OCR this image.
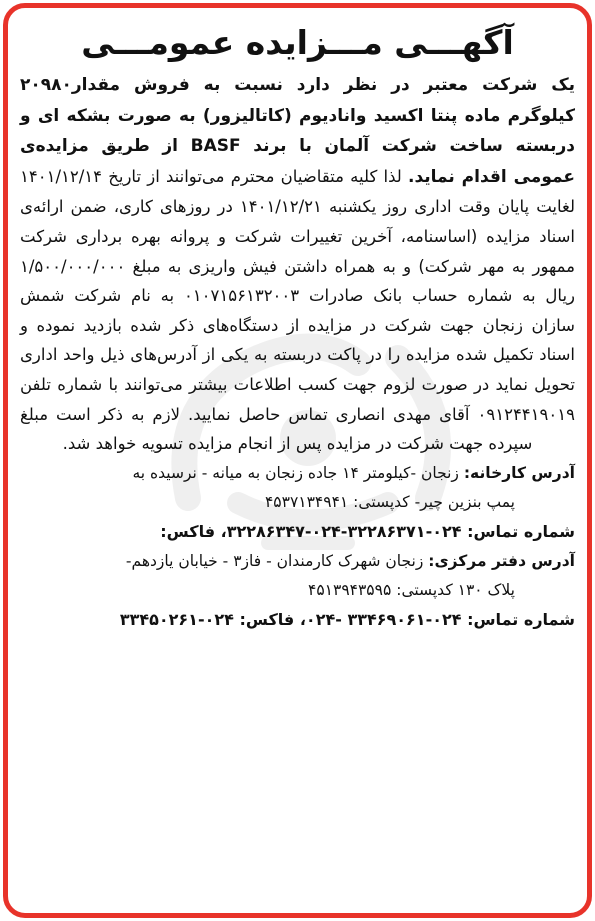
آگهـــی مـــزایده عمومـــی

یک شرکت معتبر در نظر دارد نسبت به فروش مقدار۲۰۹۸۰ کیلوگرم ماده پنتا اکسید وانادیوم (کاتالیزور) به صورت بشکه ای و دربسته ساخت شرکت آلمان با برند BASF از طریق مزایده‌ی عمومی اقدام نماید. لذا کلیه متقاضیان محترم می‌توانند از تاریخ ۱۴۰۱/۱۲/۱۴ لغایت پایان وقت اداری روز یکشنبه ۱۴۰۱/۱۲/۲۱ در روزهای کاری، ضمن ارائه‌ی اسناد مزایده (اساسنامه، آخرین تغییرات شرکت و پروانه بهره برداری شرکت ممهور به مهر شرکت) و به همراه داشتن فیش واریزی به مبلغ ۱/۵۰۰/۰۰۰/۰۰۰ ریال به شماره حساب بانک صادرات ۰۱۰۷۱۵۶۱۳۲۰۰۳ به نام شرکت شمش سازان زنجان جهت شرکت در مزایده از دستگاه‌های ذکر شده بازدید نموده و اسناد تکمیل شده مزایده را در پاکت دربسته به یکی از آدرس‌های ذیل واحد اداری تحویل نماید در صورت لزوم جهت کسب اطلاعات بیشتر می‌توانند با شماره تلفن ۰۹۱۲۴۴۱۹۰۱۹ آقای مهدی انصاری تماس حاصل نمایید. لازم به ذکر است مبلغ سپرده جهت شرکت در مزایده پس از انجام مزایده تسویه خواهد شد.

آدرس کارخانه: زنجان -کیلومتر ۱۴ جاده زنجان به میانه - نرسیده به
پمپ بنزین چیر- کدپستی: ۴۵۳۷۱۳۴۹۴۱

شماره تماس: ۰۲۴-۳۲۲۸۶۳۷۱-۰۲۴-۳۲۲۸۶۳۴۷، فاکس:

آدرس دفتر مرکزی: زنجان شهرک کارمندان - فاز۳ - خیابان یازدهم-
پلاک ۱۳۰ کدپستی: ۴۵۱۳۹۴۳۵۹۵

شماره تماس: ۰۲۴-۳۳۴۶۹۰۶۱ -۰۲۴، فاکس: ۰۲۴-۳۳۴۵۰۲۶۱
